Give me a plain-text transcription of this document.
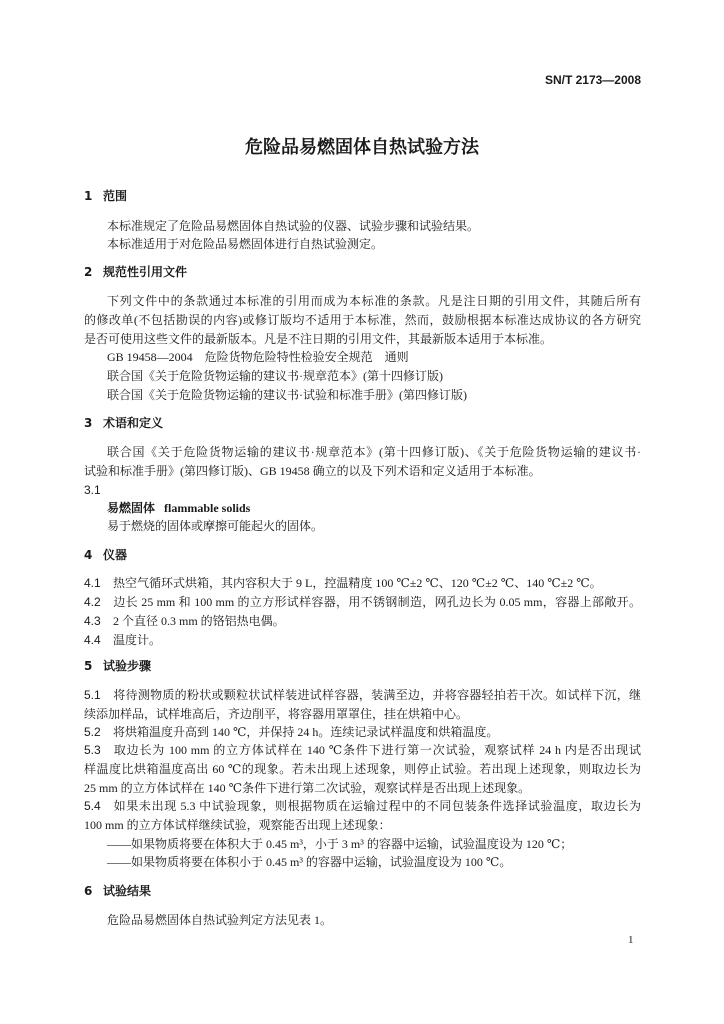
SN/T 2173—2008
危险品易燃固体自热试验方法
1 范围
本标准规定了危险品易燃固体自热试验的仪器、试验步骤和试验结果。
本标准适用于对危险品易燃固体进行自热试验测定。
2 规范性引用文件
下列文件中的条款通过本标准的引用而成为本标准的条款。凡是注日期的引用文件，其随后所有
的修改单(不包括勘误的内容)或修订版均不适用于本标准，然而，鼓励根据本标准达成协议的各方研究
是否可使用这些文件的最新版本。凡是不注日期的引用文件，其最新版本适用于本标准。
GB 19458—2004　危险货物危险特性检验安全规范　通则
联合国《关于危险货物运输的建议书·规章范本》(第十四修订版)
联合国《关于危险货物运输的建议书·试验和标准手册》(第四修订版)
3 术语和定义
联合国《关于危险货物运输的建议书·规章范本》(第十四修订版)、《关于危险货物运输的建议书·
试验和标准手册》(第四修订版)、GB 19458 确立的以及下列术语和定义适用于本标准。
3.1
易燃固体 flammable solids
易于燃烧的固体或摩擦可能起火的固体。
4 仪器
4.1 热空气循环式烘箱，其内容积大于 9 L，控温精度 100 ℃±2 ℃、120 ℃±2 ℃、140 ℃±2 ℃。
4.2 边长 25 mm 和 100 mm 的立方形试样容器，用不锈钢制造，网孔边长为 0.05 mm，容器上部敞开。
4.3 2 个直径 0.3 mm 的铬铝热电偶。
4.4 温度计。
5 试验步骤
5.1 将待测物质的粉状或颗粒状试样装进试样容器，装满至边，并将容器轻拍若干次。如试样下沉，继
续添加样品，试样堆高后，齐边削平，将容器用罩罩住，挂在烘箱中心。
5.2 将烘箱温度升高到 140 ℃，并保持 24 h。连续记录试样温度和烘箱温度。
5.3 取边长为 100 mm 的立方体试样在 140 ℃条件下进行第一次试验，观察试样 24 h 内是否出现试
样温度比烘箱温度高出 60 ℃的现象。若未出现上述现象，则停止试验。若出现上述现象，则取边长为
25 mm 的立方体试样在 140 ℃条件下进行第二次试验，观察试样是否出现上述现象。
5.4 如果未出现 5.3 中试验现象，则根据物质在运输过程中的不同包装条件选择试验温度，取边长为
100 mm 的立方体试样继续试验，观察能否出现上述现象：
——如果物质将要在体积大于 0.45 m³，小于 3 m³ 的容器中运输，试验温度设为 120 ℃；
——如果物质将要在体积小于 0.45 m³ 的容器中运输，试验温度设为 100 ℃。
6 试验结果
危险品易燃固体自热试验判定方法见表 1。
1
